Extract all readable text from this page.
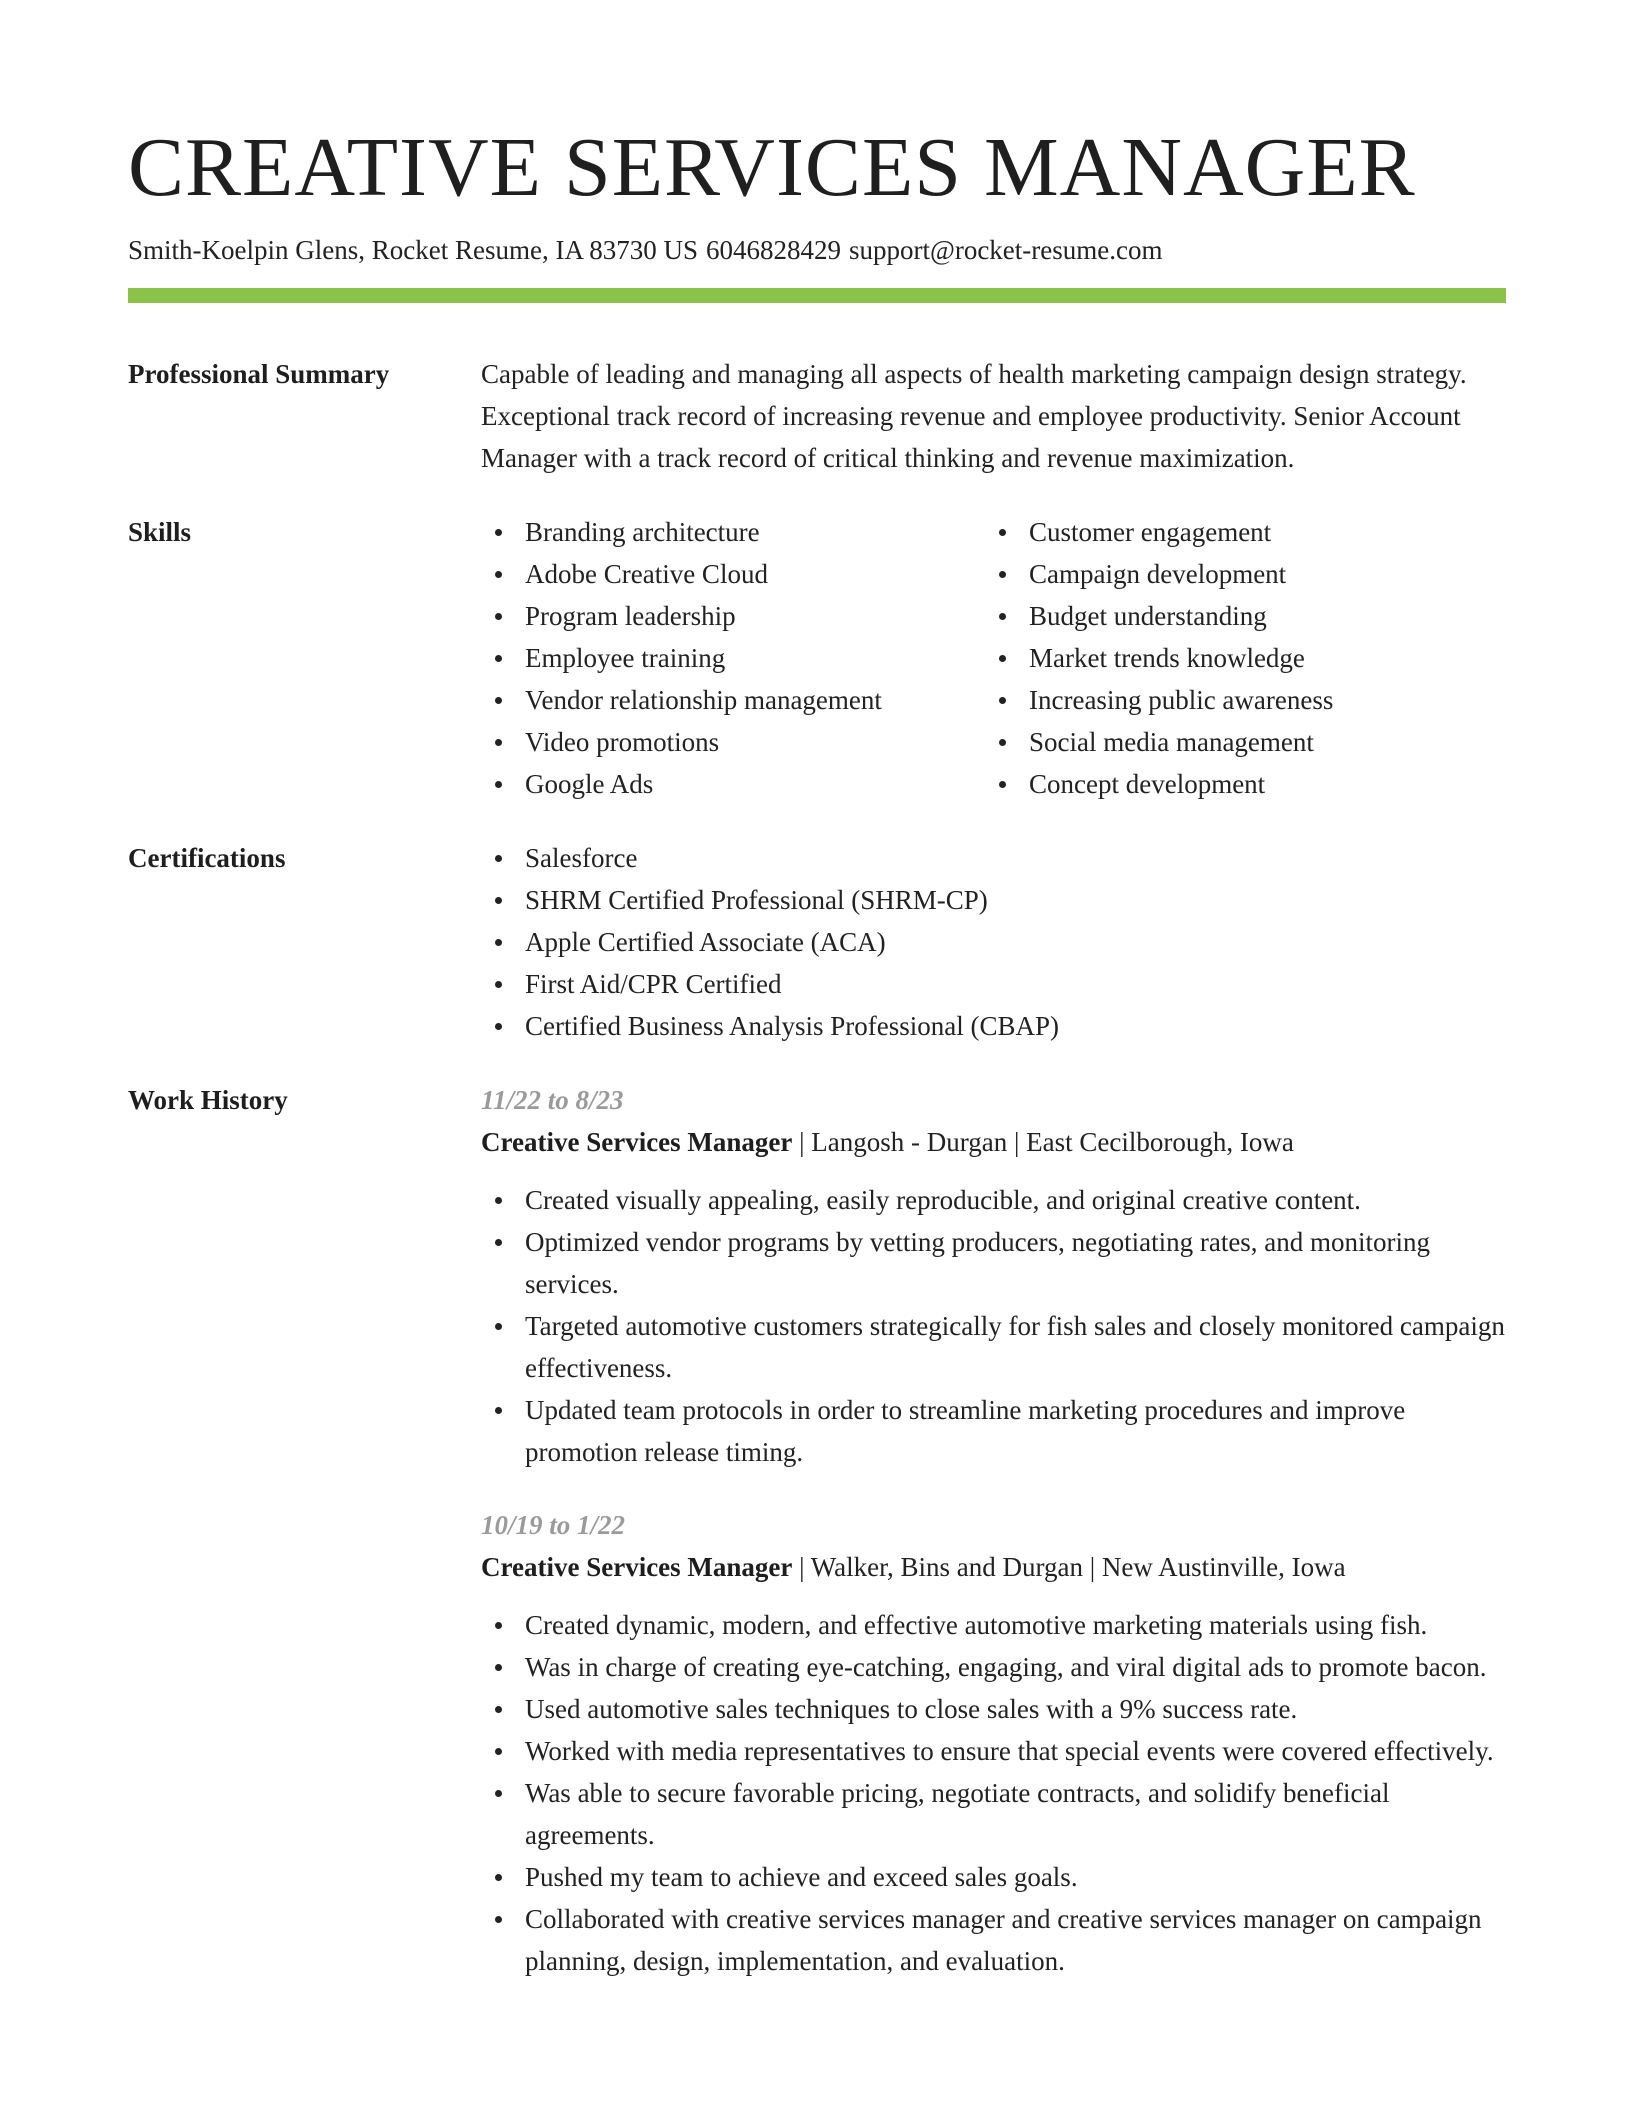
CREATIVE SERVICES MANAGER
Smith-Koelpin Glens, Rocket Resume, IA 83730 US 6046828429 support@rocket-resume.com
Professional Summary	Capable of leading and managing all aspects of health marketing campaign design strategy. Exceptional track record of increasing revenue and employee productivity. Senior Account Manager with a track record of critical thinking and revenue maximization.
Skills	Branding architecture
Adobe Creative Cloud
Program leadership
Employee training
Vendor relationship management
Video promotions
Google Ads
Customer engagement
Campaign development
Budget understanding
Market trends knowledge
Increasing public awareness
Social media management
Concept development
Certifications	Salesforce
SHRM Certified Professional (SHRM-CP)
Apple Certified Associate (ACA)
First Aid/CPR Certified
Certified Business Analysis Professional (CBAP)
Work History	11/22 to 8/23
Creative Services Manager | Langosh - Durgan | East Cecilborough, Iowa
Created visually appealing, easily reproducible, and original creative content.
Optimized vendor programs by vetting producers, negotiating rates, and monitoring services.
Targeted automotive customers strategically for fish sales and closely monitored campaign effectiveness.
Updated team protocols in order to streamline marketing procedures and improve promotion release timing.
10/19 to 1/22
Creative Services Manager | Walker, Bins and Durgan | New Austinville, Iowa
Created dynamic, modern, and effective automotive marketing materials using fish.
Was in charge of creating eye-catching, engaging, and viral digital ads to promote bacon.
Used automotive sales techniques to close sales with a 9% success rate.
Worked with media representatives to ensure that special events were covered effectively.
Was able to secure favorable pricing, negotiate contracts, and solidify beneficial agreements.
Pushed my team to achieve and exceed sales goals.
Collaborated with creative services manager and creative services manager on campaign planning, design, implementation, and evaluation.
